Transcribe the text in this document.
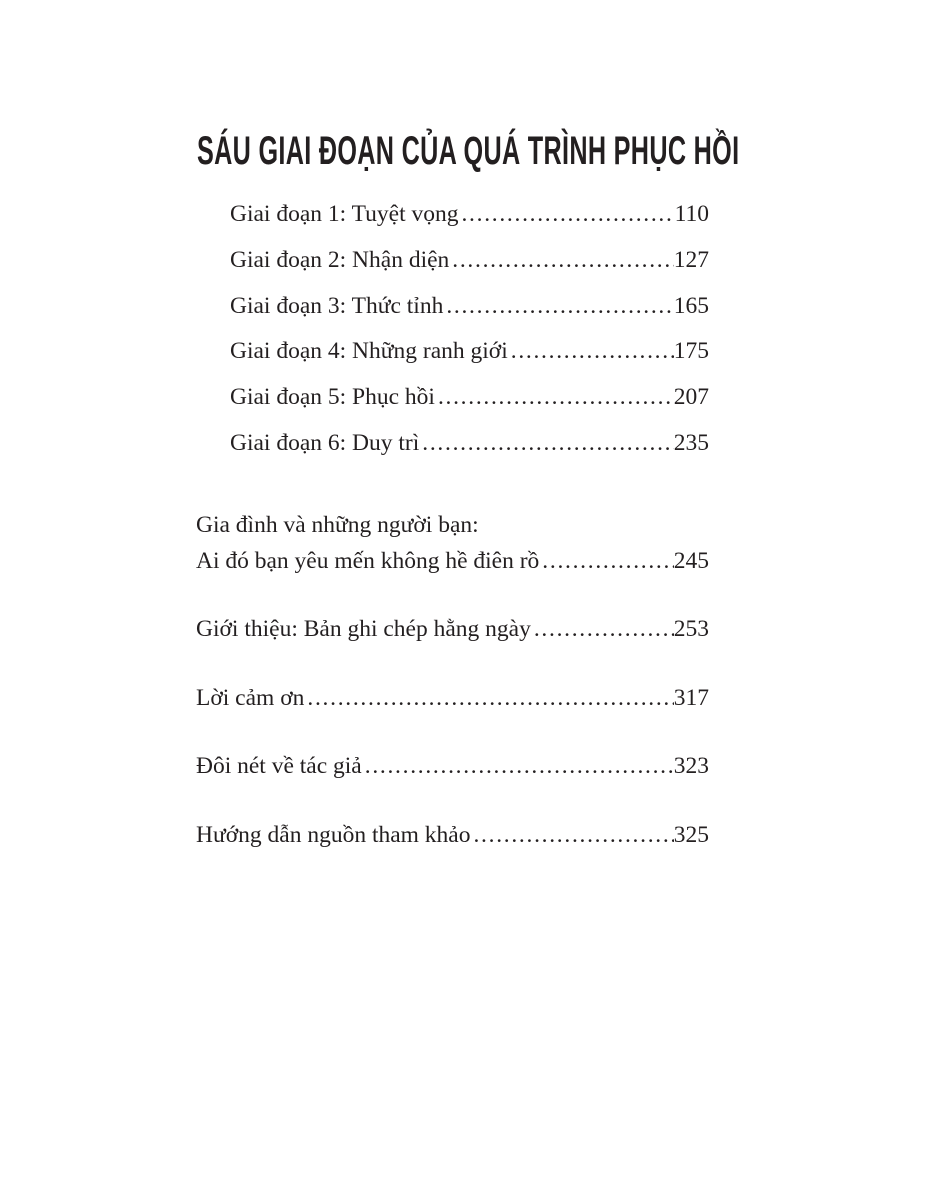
SÁU GIAI ĐOẠN CỦA QUÁ TRÌNH PHỤC HỒI
Giai đoạn 1: Tuyệt vọng .....	110
Giai đoạn 2: Nhận diện .....	127
Giai đoạn 3: Thức tỉnh .....	165
Giai đoạn 4: Những ranh giới .....	175
Giai đoạn 5: Phục hồi .....	207
Giai đoạn 6: Duy trì .....	235
Gia đình và những người bạn:
Ai đó bạn yêu mến không hề điên rồ .....	245
Giới thiệu: Bản ghi chép hằng ngày .....	253
Lời cảm ơn .....	317
Đôi nét về tác giả .....	323
Hướng dẫn nguồn tham khảo .....	325
